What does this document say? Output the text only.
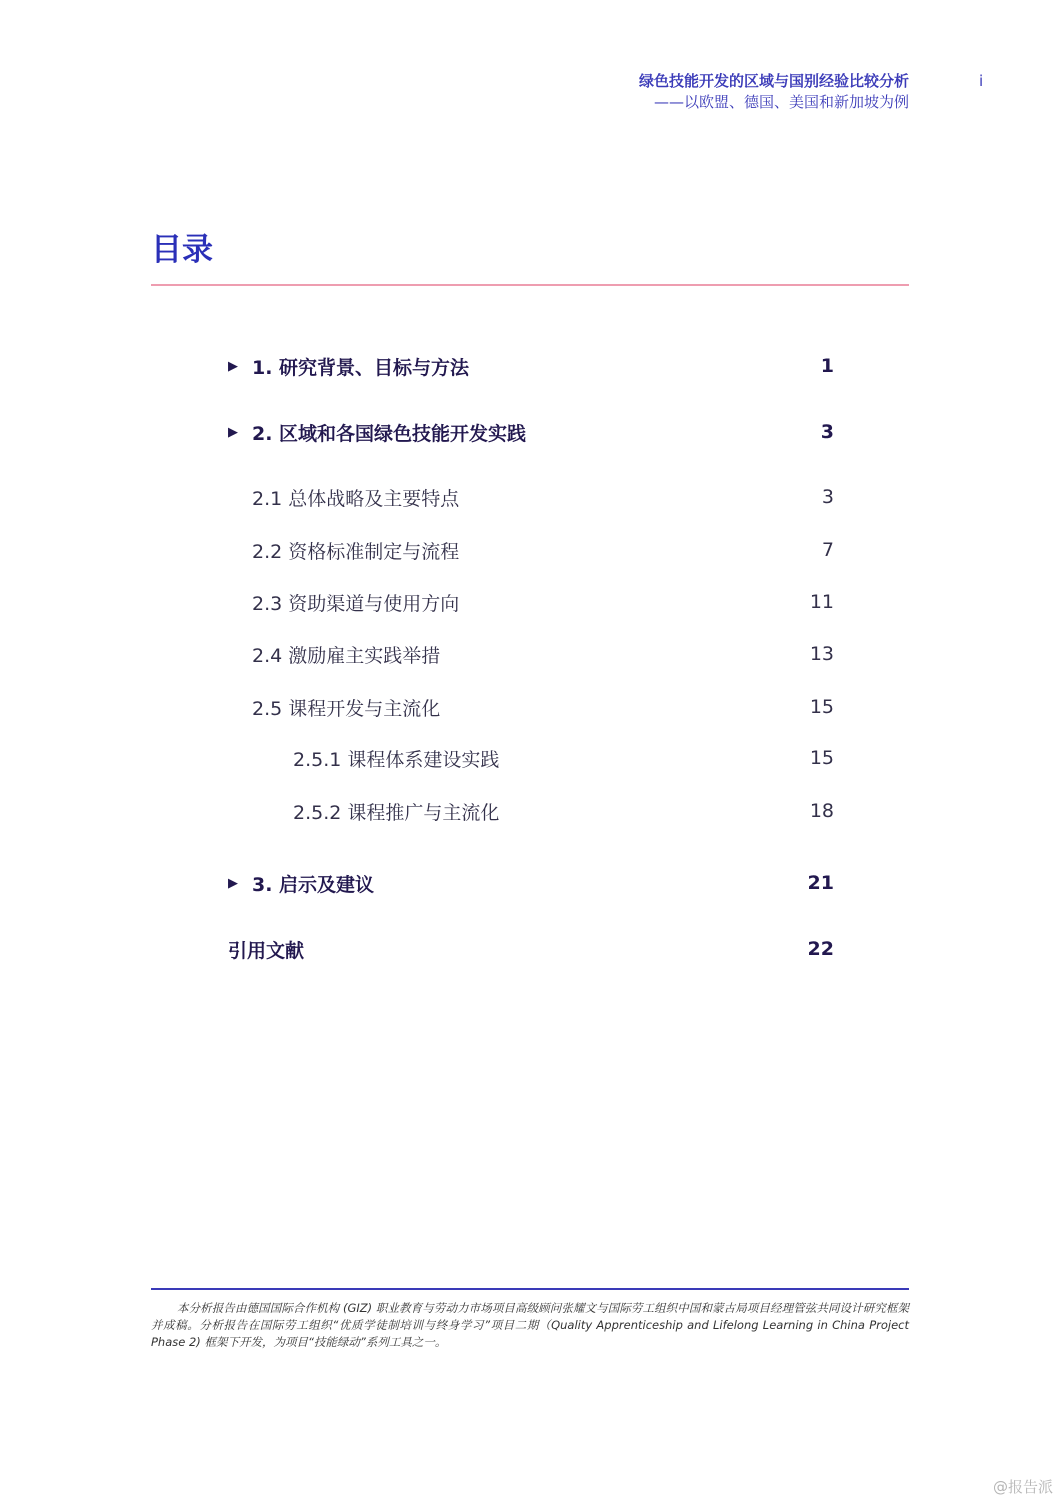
绿色技能开发的区域与国别经验比较分析
——以欧盟、德国、美国和新加坡为例
i
目录
▶ 1. 研究背景、目标与方法	1
▶ 2. 区域和各国绿色技能开发实践	3
2.1 总体战略及主要特点	3
2.2 资格标准制定与流程	7
2.3 资助渠道与使用方向	11
2.4 激励雇主实践举措	13
2.5 课程开发与主流化	15
2.5.1 课程体系建设实践	15
2.5.2 课程推广与主流化	18
▶ 3. 启示及建议	21
引用文献	22
本分析报告由德国国际合作机构 (GIZ) 职业教育与劳动力市场项目高级顾问张耀文与国际劳工组织中国和蒙古局项目经理管弦共同设计研究框架并成稿。分析报告在国际劳工组织“优质学徒制培训与终身学习”项目二期（Quality Apprenticeship and Lifelong Learning in China Project Phase 2) 框架下开发，为项目“技能绿动”系列工具之一。
@报告派
